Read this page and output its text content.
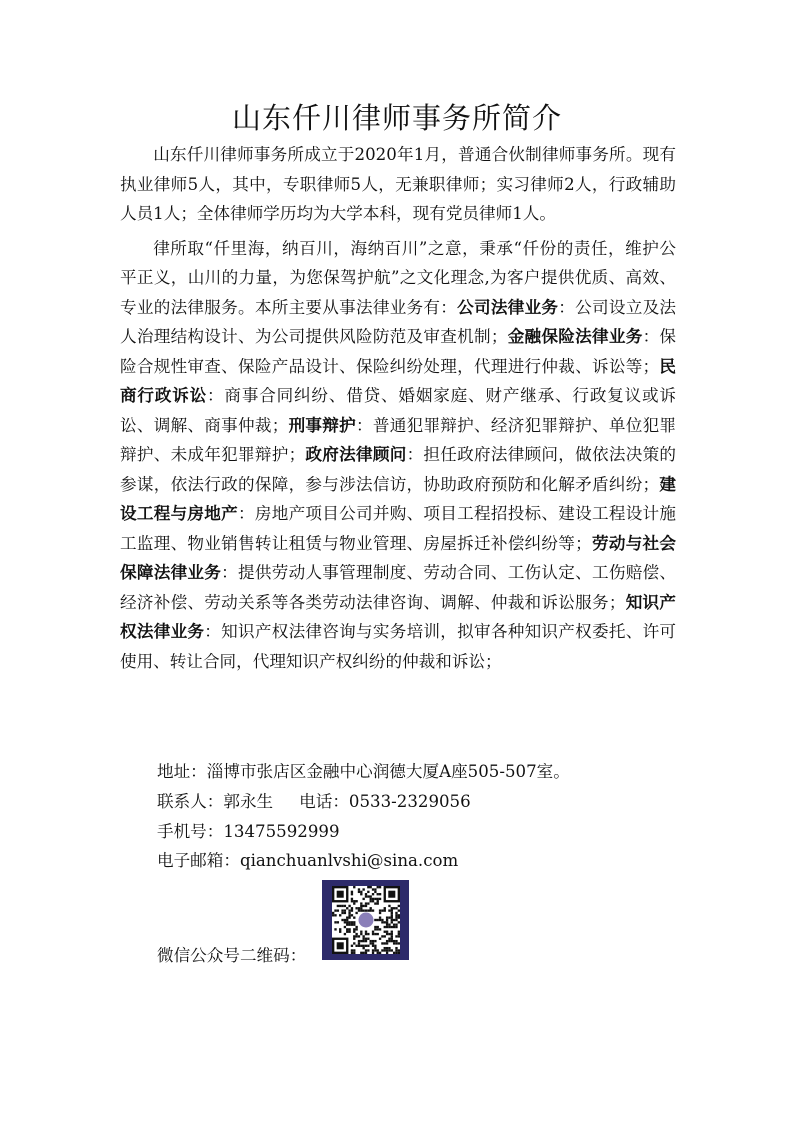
山东仟川律师事务所简介

山东仟川律师事务所成立于2020年1月，普通合伙制律师事务所。现有执业律师5人，其中，专职律师5人，无兼职律师；实习律师2人，行政辅助人员1人；全体律师学历均为大学本科，现有党员律师1人。

律所取“仟里海，纳百川，海纳百川”之意，秉承“仟份的责任，维护公平正义，山川的力量，为您保驾护航”之文化理念,为客户提供优质、高效、专业的法律服务。本所主要从事法律业务有：公司法律业务：公司设立及法人治理结构设计、为公司提供风险防范及审查机制；金融保险法律业务：保险合规性审查、保险产品设计、保险纠纷处理，代理进行仲裁、诉讼等；民商行政诉讼：商事合同纠纷、借贷、婚姻家庭、财产继承、行政复议或诉讼、调解、商事仲裁；刑事辩护：普通犯罪辩护、经济犯罪辩护、单位犯罪辩护、未成年犯罪辩护；政府法律顾问：担任政府法律顾问，做依法决策的参谋，依法行政的保障，参与涉法信访，协助政府预防和化解矛盾纠纷；建设工程与房地产：房地产项目公司并购、项目工程招投标、建设工程设计施工监理、物业销售转让租赁与物业管理、房屋拆迁补偿纠纷等；劳动与社会保障法律业务：提供劳动人事管理制度、劳动合同、工伤认定、工伤赔偿、经济补偿、劳动关系等各类劳动法律咨询、调解、仲裁和诉讼服务；知识产权法律业务：知识产权法律咨询与实务培训，拟审各种知识产权委托、许可使用、转让合同，代理知识产权纠纷的仲裁和诉讼；

地址：淄博市张店区金融中心润德大厦A座505-507室。
联系人：郭永生 电话：0533-2329056
手机号：13475592999
电子邮箱：qianchuanlvshi@sina.com
微信公众号二维码：
